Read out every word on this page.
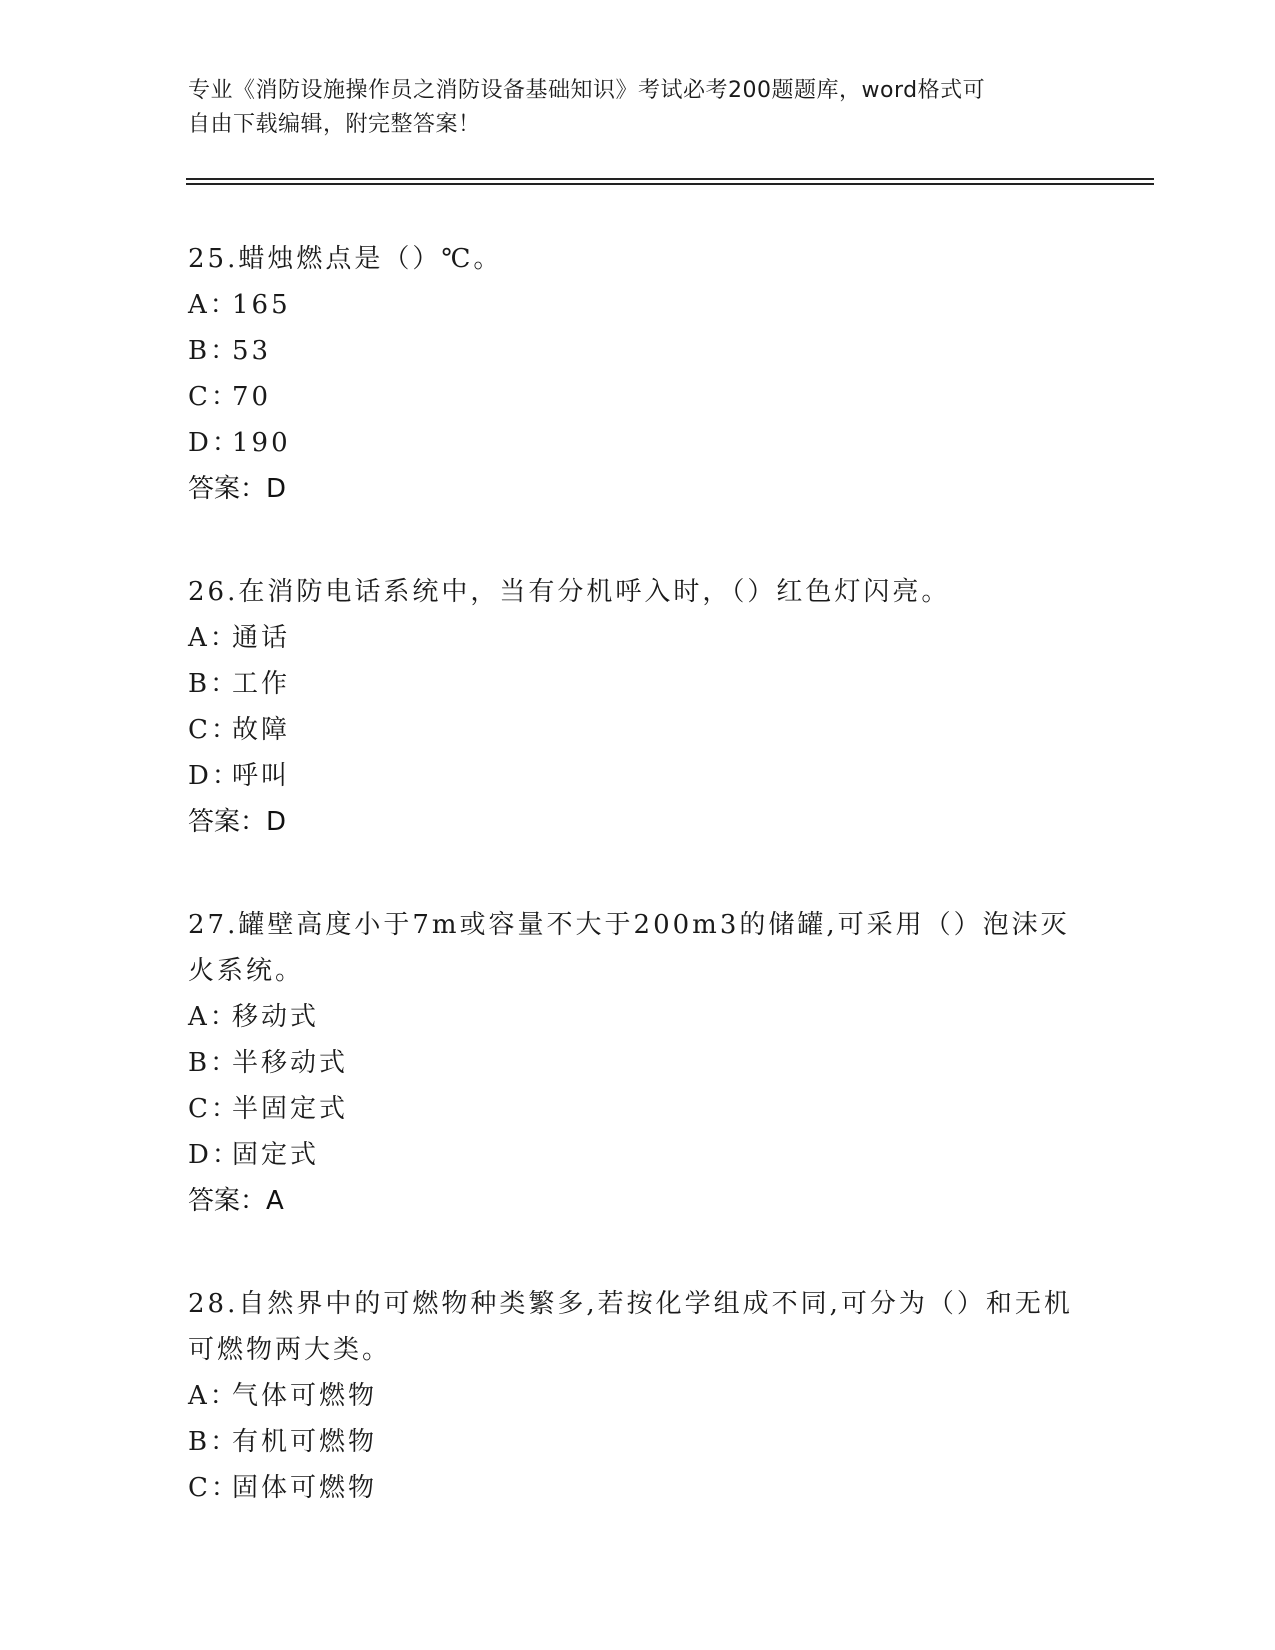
专业《消防设施操作员之消防设备基础知识》考试必考200题题库，word格式可
自由下载编辑，附完整答案！

25.蜡烛燃点是（）℃。

A：165

B：53

C：70

D：190

答案：D

26.在消防电话系统中，当有分机呼入时，（）红色灯闪亮。

A：通话

B：工作

C：故障

D：呼叫

答案：D

27.罐壁高度小于7m或容量不大于200m3的储罐,可采用（）泡沫灭火系统。

A：移动式

B：半移动式

C：半固定式

D：固定式

答案：A

28.自然界中的可燃物种类繁多,若按化学组成不同,可分为（）和无机可燃物两大类。

A：气体可燃物

B：有机可燃物

C：固体可燃物
